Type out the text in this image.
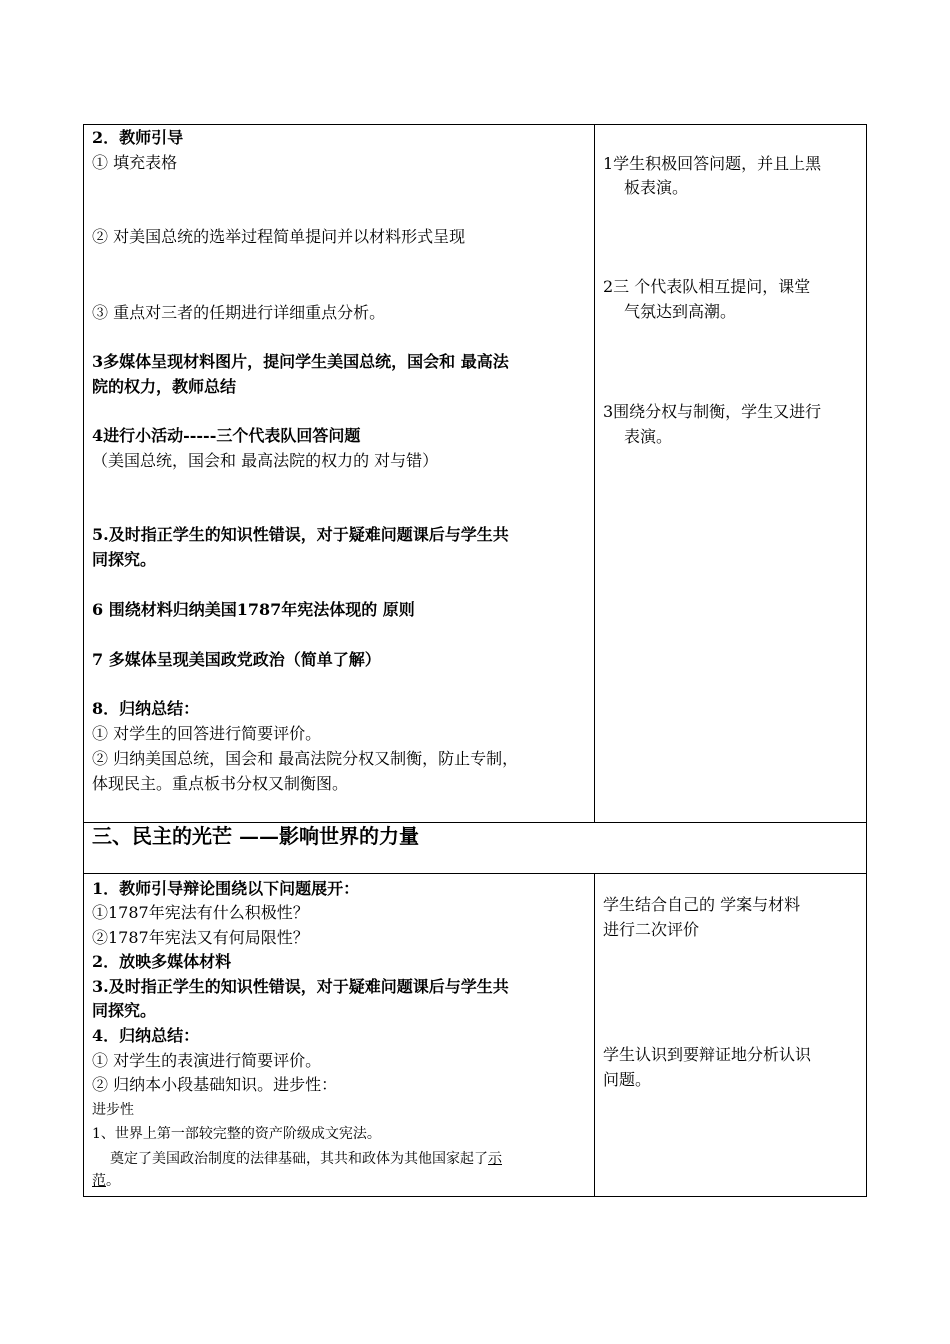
2．教师引导
① 填充表格
② 对美国总统的选举过程简单提问并以材料形式呈现
③ 重点对三者的任期进行详细重点分析。
3多媒体呈现材料图片，提问学生美国总统，国会和 最高法
院的权力，教师总结
4进行小活动-----三个代表队回答问题
（美国总统，国会和 最高法院的权力的 对与错）
5.及时指正学生的知识性错误，对于疑难问题课后与学生共
同探究。
6 围绕材料归纳美国1787年宪法体现的 原则
7 多媒体呈现美国政党政治（简单了解）
8．归纳总结：
① 对学生的回答进行简要评价。
② 归纳美国总统，国会和 最高法院分权又制衡，防止专制，
体现民主。重点板书分权又制衡图。
1学生积极回答问题，并且上黑
板表演。
2三 个代表队相互提问，课堂
气氛达到高潮。
3围绕分权与制衡，学生又进行
表演。
三、民主的光芒 ——影响世界的力量
1．教师引导辩论围绕以下问题展开：
①1787年宪法有什么积极性？
②1787年宪法又有何局限性？
2．放映多媒体材料
3.及时指正学生的知识性错误，对于疑难问题课后与学生共
同探究。
4．归纳总结：
① 对学生的表演进行简要评价。
② 归纳本小段基础知识。进步性：
进步性
1、世界上第一部较完整的资产阶级成文宪法。
奠定了美国政治制度的法律基础，其共和政体为其他国家起了示
范。
学生结合自己的 学案与材料
进行二次评价
学生认识到要辩证地分析认识
问题。
